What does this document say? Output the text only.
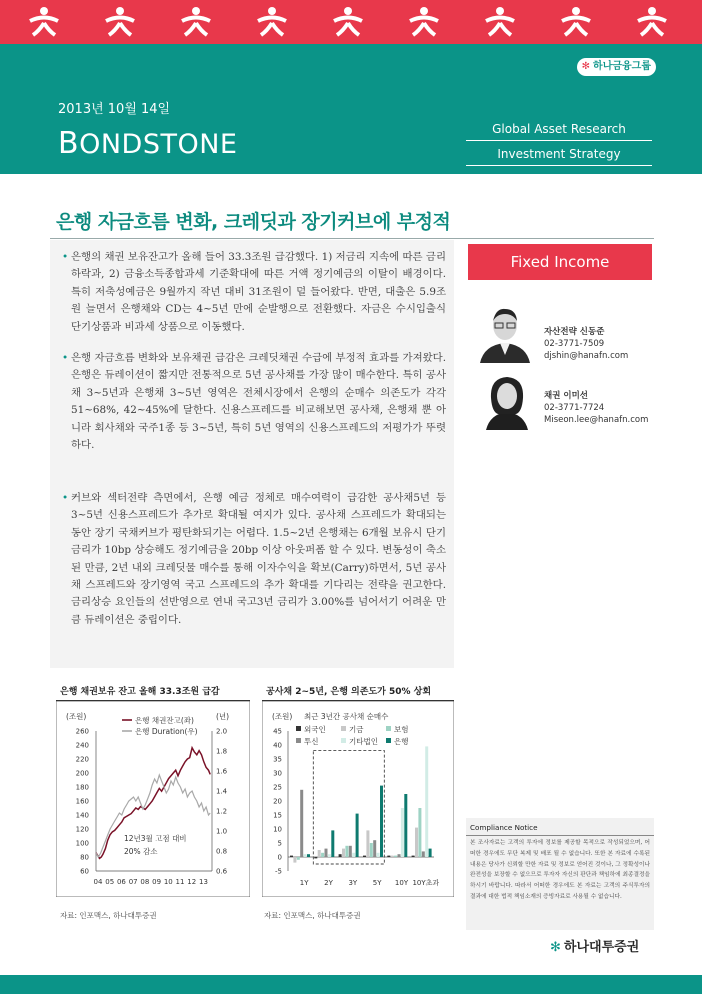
✻ 하나금융그룹
2013년 10월 14일
BONDSTONE	Global Asset Research
Investment Strategy
은행 자금흐름 변화, 크레딧과 장기커브에 부정적
• 은행의 채권 보유잔고가 올해 들어 33.3조원 급감했다. 1) 저금리 지속에 따른 금리하락과, 2) 금융소득종합과세 기준확대에 따른 거액 정기예금의 이탈이 배경이다. 특히 저축성예금은 9월까지 작년 대비 31조원이 덜 들어왔다. 반면, 대출은 5.9조원 늘면서 은행채와 CD는 4~5년 만에 순발행으로 전환했다. 자금은 수시입출식 단기상품과 비과세 상품으로 이동했다.
• 은행 자금흐름 변화와 보유채권 급감은 크레딧채권 수급에 부정적 효과를 가져왔다. 은행은 듀레이션이 짧지만 전통적으로 5년 공사채를 가장 많이 매수한다. 특히 공사채 3~5년과 은행채 3~5년 영역은 전체시장에서 은행의 순매수 의존도가 각각 51~68%, 42~45%에 달한다. 신용스프레드를 비교해보면 공사채, 은행채 뿐 아니라 회사채와 국주1종 등 3~5년, 특히 5년 영역의 신용스프레드의 저평가가 뚜렷하다.
• 커브와 섹터전략 측면에서, 은행 예금 정체로 매수여력이 급감한 공사채5년 등 3~5년 신용스프레드가 추가로 확대될 여지가 있다. 공사채 스프레드가 확대되는 동안 장기 국채커브가 평탄화되기는 어렵다. 1.5~2년 은행채는 6개월 보유시 단기금리가 10bp 상승해도 정기예금을 20bp 이상 아웃퍼폼 할 수 있다. 변동성이 축소된 만큼, 2년 내외 크레딧물 매수를 통해 이자수익을 확보(Carry)하면서, 5년 공사채 스프레드와 장기영역 국고 스프레드의 추가 확대를 기다리는 전략을 권고한다. 금리상승 요인들의 선반영으로 연내 국고3년 금리가 3.00%를 넘어서기 어려운 만큼 듀레이션은 중립이다.
Fixed Income
자산전략 신동준
02-3771-7509
djshin@hanafn.com
채권 이미선
02-3771-7724
Miseon.lee@hanafn.com
은행 채권보유 잔고 올해 33.3조원 급감
(조원)	(년)
60
80
100
120
140
160
180
200
220
240
260
0.6
0.8
1.0
1.2
1.4
1.6
1.8
2.0
04 05 06 07 08 09 10 11 12 13
은행 채권잔고(좌)
은행 Duration(우)
12년3월 고점 대비
20% 감소
자료: 인포맥스, 하나대투증권
공사채 2~5년, 은행 의존도가 50% 상회
(조원) 최근 3년간 공사채 순매수
-5
0
5
10
15
20
25
30
35
40
45	외국인	기금	보험
투신	기타법인 은행
1Y 2Y 3Y 5Y 10Y 10Y초과
자료: 인포맥스, 하나대투증권
Compliance Notice
본 조사자료는 고객의 투자에 정보를 제공할 목적으로 작성되었으며, 어떠한 경우에도 무단 복제 및 배포 될 수 없습니다. 또한 본 자료에 수록된 내용은 당사가 신뢰할 만한 자료 및 정보로 얻어진 것이나, 그 정확성이나 완전성을 보장할 수 없으므로 투자자 자신의 판단과 책임하에 최종결정을 하시기 바랍니다. 따라서 어떠한 경우에도 본 자료는 고객의 주식투자의 결과에 대한 법적 책임소재의 증빙자료로 사용될 수 없습니다.
✻ 하나대투증권
